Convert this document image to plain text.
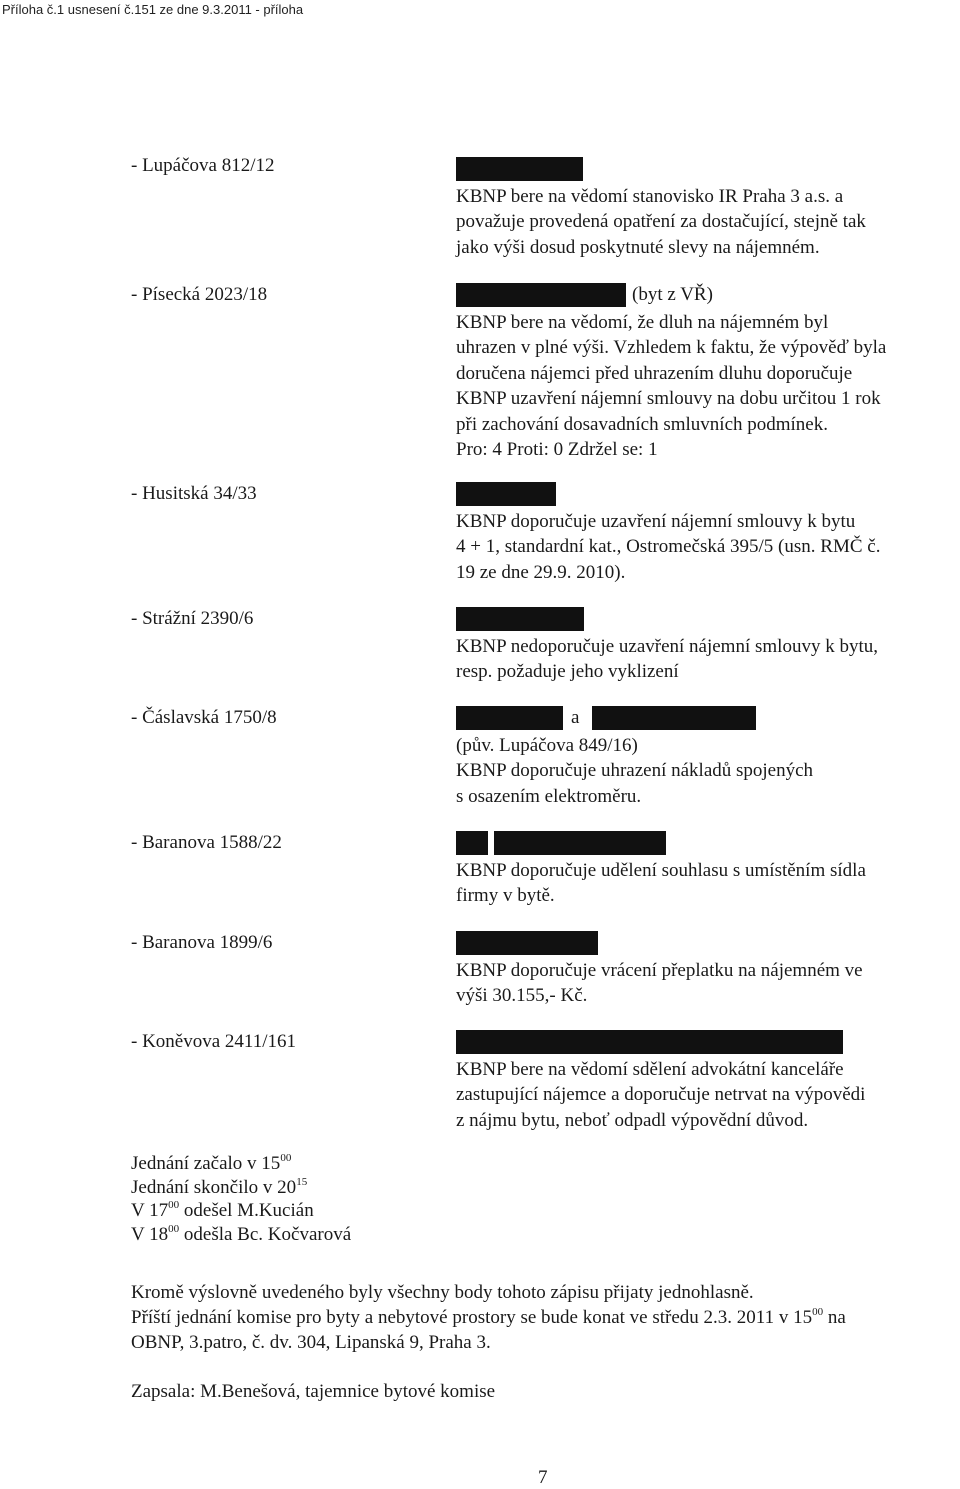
Příloha č.1 usnesení č.151 ze dne 9.3.2011 - příloha
- Lupáčova 812/12
KBNP bere na vědomí stanovisko IR Praha 3 a.s. a
považuje provedená opatření za dostačující, stejně tak
jako výši dosud poskytnuté slevy na nájemném.
- Písecká 2023/18	(byt z VŘ)
KBNP bere na vědomí, že dluh na nájemném byl
uhrazen v plné výši. Vzhledem k faktu, že výpověď byla
doručena nájemci před uhrazením dluhu doporučuje
KBNP uzavření nájemní smlouvy na dobu určitou 1 rok
při zachování dosavadních smluvních podmínek.
Pro: 4 Proti: 0 Zdržel se: 1
- Husitská 34/33
KBNP doporučuje uzavření nájemní smlouvy k bytu
4 + 1, standardní kat., Ostromečská 395/5 (usn. RMČ č.
19 ze dne 29.9. 2010).
- Strážní 2390/6
KBNP nedoporučuje uzavření nájemní smlouvy k bytu,
resp. požaduje jeho vyklizení
- Čáslavská 1750/8	a
(pův. Lupáčova 849/16)
KBNP doporučuje uhrazení nákladů spojených
s osazením elektroměru.
- Baranova 1588/22
KBNP doporučuje udělení souhlasu s umístěním sídla
firmy v bytě.
- Baranova 1899/6
KBNP doporučuje vrácení přeplatku na nájemném ve
výši 30.155,- Kč.
- Koněvova 2411/161
KBNP bere na vědomí sdělení advokátní kanceláře
zastupující nájemce a doporučuje netrvat na výpovědi
z nájmu bytu, neboť odpadl výpovědní důvod.
Jednání začalo v $15^{00}$
Jednání skončilo v $20^{15}$
V $17^{00}$ odešel M.Kucián
V $18^{00}$ odešla Bc. Kočvarová
Kromě výslovně uvedeného byly všechny body tohoto zápisu přijaty jednohlasně.
Příští jednání komise pro byty a nebytové prostory se bude konat ve středu 2.3. 2011 v $15^{00}$ na
OBNP, 3.patro, č. dv. 304, Lipanská 9, Praha 3.
Zapsala: M.Benešová, tajemnice bytové komise
7
